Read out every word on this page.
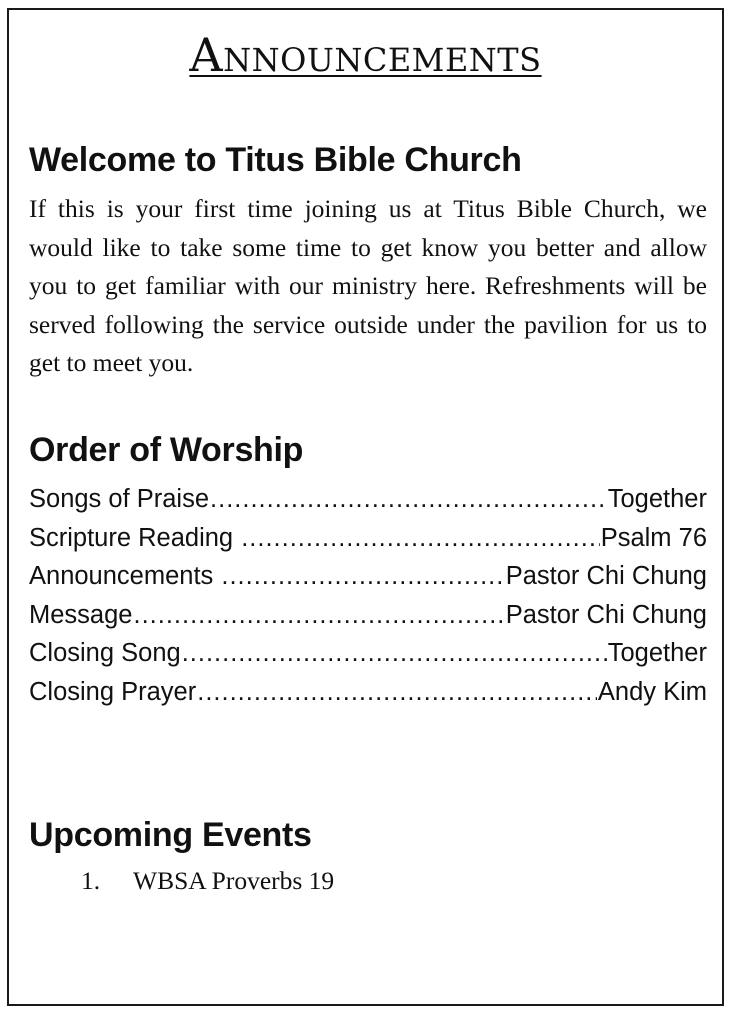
Announcements
Welcome to Titus Bible Church

If this is your first time joining us at Titus Bible Church, we would like to take some time to get know you better and allow you to get familiar with our ministry here. Refreshments will be served following the service outside under the pavilion for us to get to meet you.

Order of Worship
Songs of Praise .....	Together
Scripture Reading .....	Psalm 76
Announcements .....	Pastor Chi Chung
Message .....	Pastor Chi Chung
Closing Song .....	Together
Closing Prayer .....	Andy Kim
Upcoming Events
1.	WBSA Proverbs 19
